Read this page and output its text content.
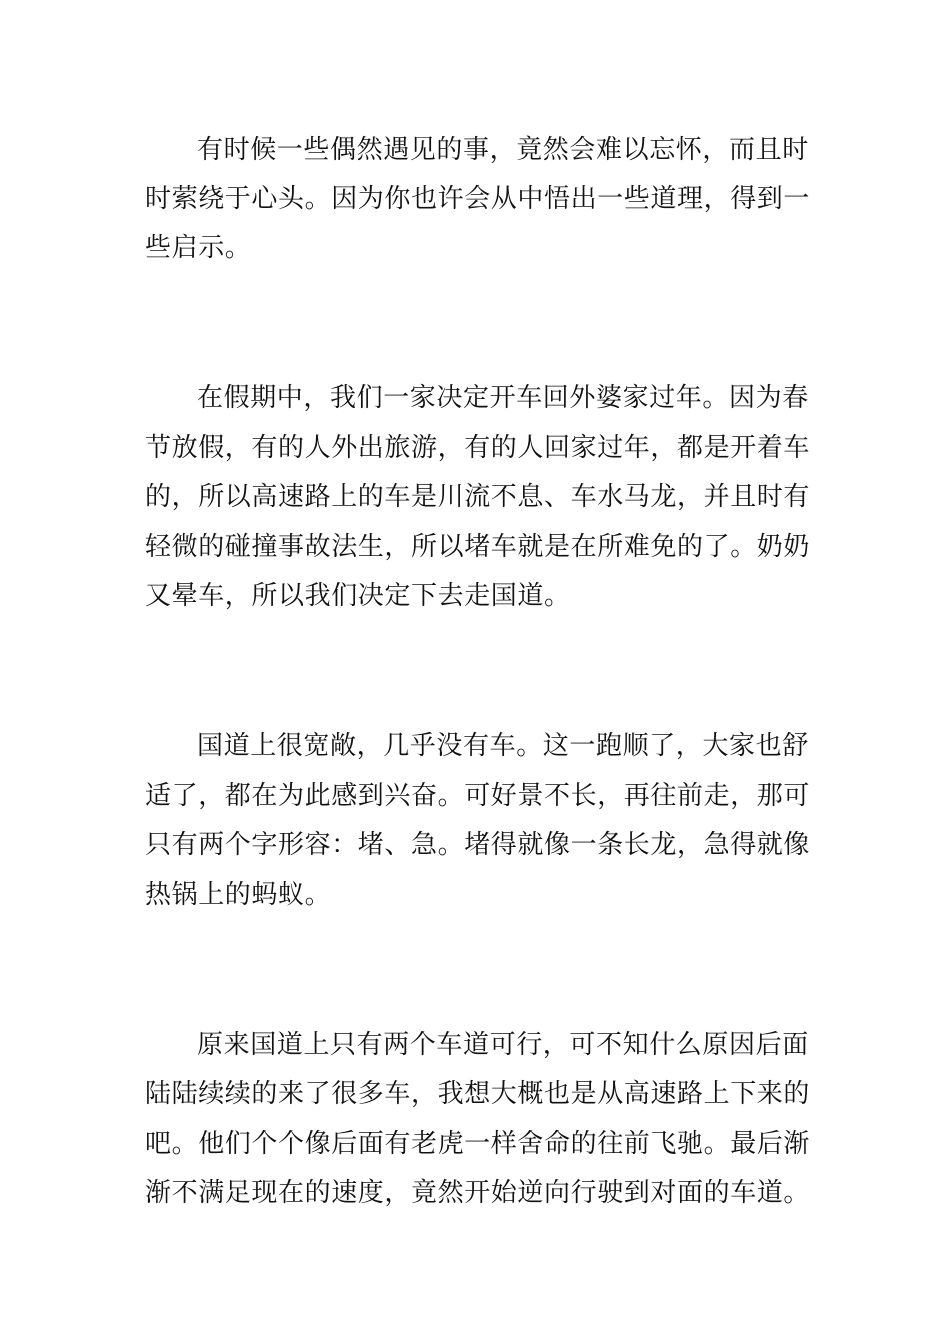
有时候一些偶然遇见的事，竟然会难以忘怀，而且时
时萦绕于心头。因为你也许会从中悟出一些道理，得到一
些启示。
在假期中，我们一家决定开车回外婆家过年。因为春
节放假，有的人外出旅游，有的人回家过年，都是开着车
的，所以高速路上的车是川流不息、车水马龙，并且时有
轻微的碰撞事故法生，所以堵车就是在所难免的了。奶奶
又晕车，所以我们决定下去走国道。
国道上很宽敞，几乎没有车。这一跑顺了，大家也舒
适了，都在为此感到兴奋。可好景不长，再往前走，那可
只有两个字形容：堵、急。堵得就像一条长龙，急得就像
热锅上的蚂蚁。
原来国道上只有两个车道可行，可不知什么原因后面
陆陆续续的来了很多车，我想大概也是从高速路上下来的
吧。他们个个像后面有老虎一样舍命的往前飞驰。最后渐
渐不满足现在的速度，竟然开始逆向行驶到对面的车道。
